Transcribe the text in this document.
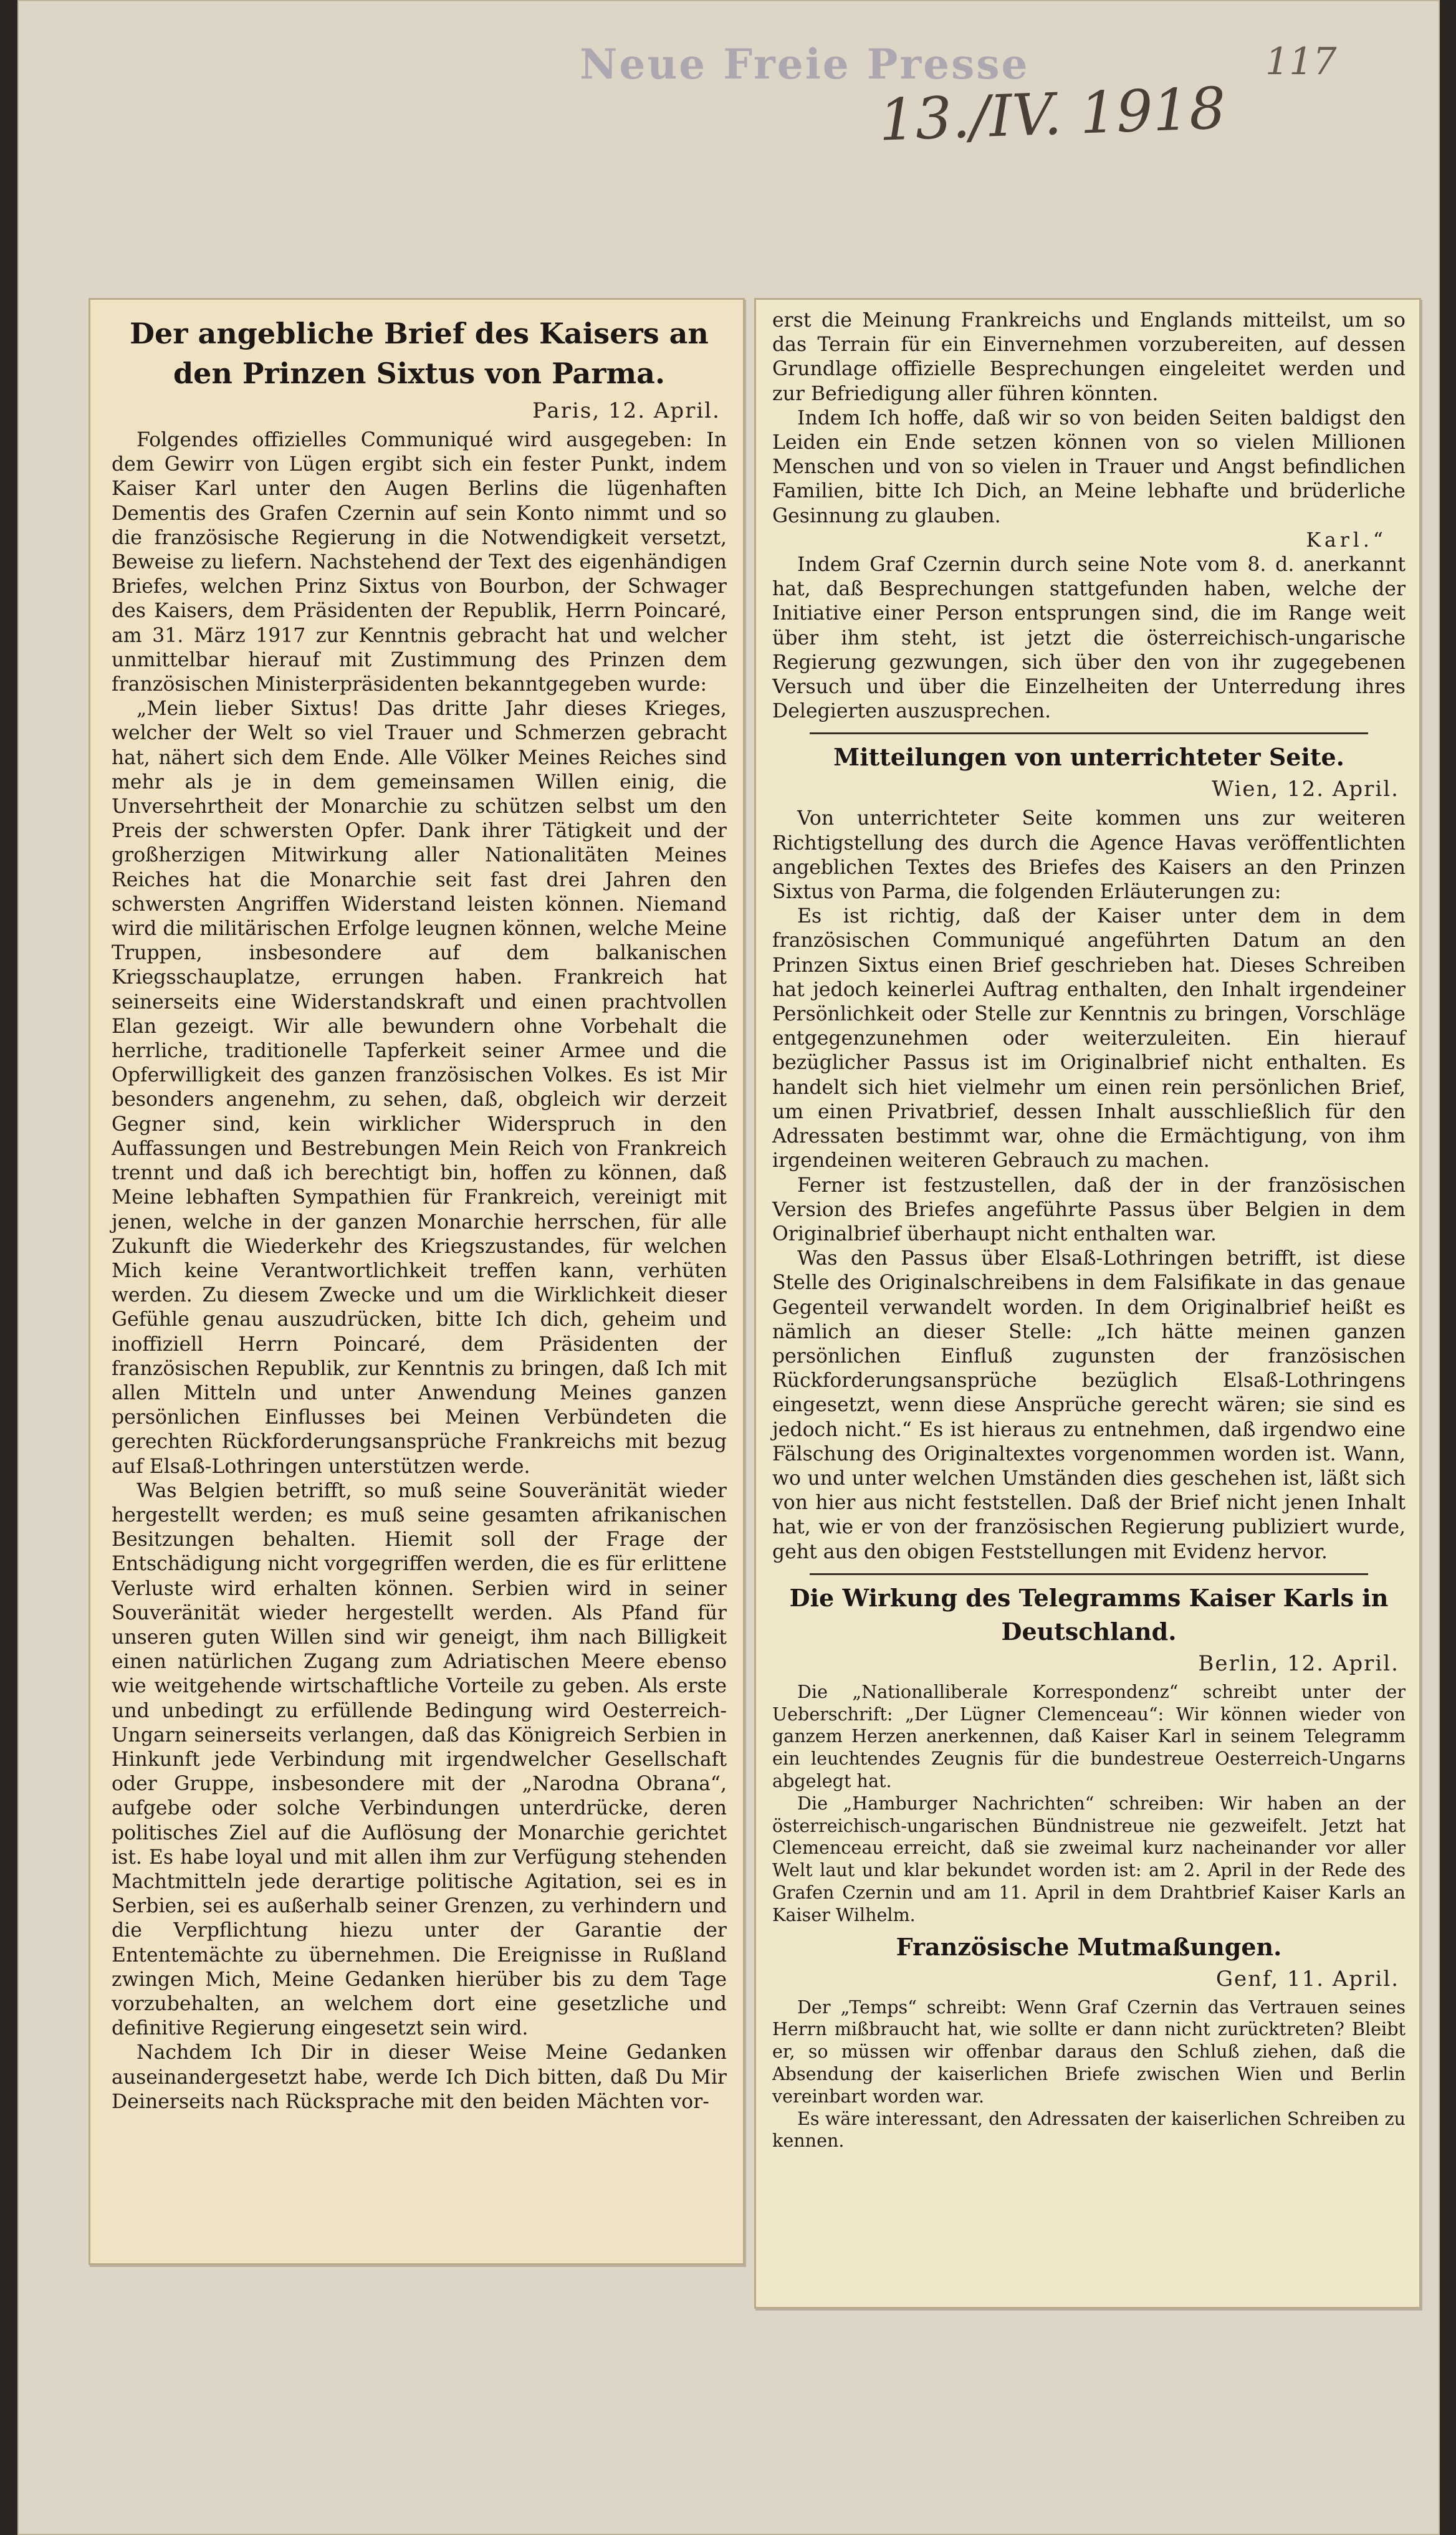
Neue Freie Presse
13./IV. 1918
117
Der angebliche Brief des Kaisers an den Prinzen Sixtus von Parma.
Paris, 12. April.

Folgendes offizielles Communiqué wird ausgegeben: In dem Gewirr von Lügen ergibt sich ein fester Punkt, indem Kaiser Karl unter den Augen Berlins die lügenhaften Dementis des Grafen Czernin auf sein Konto nimmt und so die französische Regierung in die Notwendigkeit versetzt, Beweise zu liefern. Nachstehend der Text des eigenhändigen Briefes, welchen Prinz Sixtus von Bourbon, der Schwager des Kaisers, dem Präsidenten der Republik, Herrn Poincaré, am 31. März 1917 zur Kenntnis gebracht hat und welcher unmittelbar hierauf mit Zustimmung des Prinzen dem französischen Ministerpräsidenten bekanntgegeben wurde:

„Mein lieber Sixtus! Das dritte Jahr dieses Krieges, welcher der Welt so viel Trauer und Schmerzen gebracht hat, nähert sich dem Ende. Alle Völker Meines Reiches sind mehr als je in dem gemeinsamen Willen einig, die Unversehrtheit der Monarchie zu schützen selbst um den Preis der schwersten Opfer. Dank ihrer Tätigkeit und der großherzigen Mitwirkung aller Nationalitäten Meines Reiches hat die Monarchie seit fast drei Jahren den schwersten Angriffen Widerstand leisten können. Niemand wird die militärischen Erfolge leugnen können, welche Meine Truppen, insbesondere auf dem balkanischen Kriegsschauplatze, errungen haben. Frankreich hat seinerseits eine Widerstandskraft und einen prachtvollen Elan gezeigt. Wir alle bewundern ohne Vorbehalt die herrliche, traditionelle Tapferkeit seiner Armee und die Opferwilligkeit des ganzen französischen Volkes. Es ist Mir besonders angenehm, zu sehen, daß, obgleich wir derzeit Gegner sind, kein wirklicher Widerspruch in den Auffassungen und Bestrebungen Mein Reich von Frankreich trennt und daß ich berechtigt bin, hoffen zu können, daß Meine lebhaften Sympathien für Frankreich, vereinigt mit jenen, welche in der ganzen Monarchie herrschen, für alle Zukunft die Wiederkehr des Kriegszustandes, für welchen Mich keine Verantwortlichkeit treffen kann, verhüten werden. Zu diesem Zwecke und um die Wirklichkeit dieser Gefühle genau auszudrücken, bitte Ich dich, geheim und inoffiziell Herrn Poincaré, dem Präsidenten der französischen Republik, zur Kenntnis zu bringen, daß Ich mit allen Mitteln und unter Anwendung Meines ganzen persönlichen Einflusses bei Meinen Verbündeten die gerechten Rückforderungsansprüche Frankreichs mit bezug auf Elsaß-Lothringen unterstützen werde.

Was Belgien betrifft, so muß seine Souveränität wieder hergestellt werden; es muß seine gesamten afrikanischen Besitzungen behalten. Hiemit soll der Frage der Entschädigung nicht vorgegriffen werden, die es für erlittene Verluste wird erhalten können. Serbien wird in seiner Souveränität wieder hergestellt werden. Als Pfand für unseren guten Willen sind wir geneigt, ihm nach Billigkeit einen natürlichen Zugang zum Adriatischen Meere ebenso wie weitgehende wirtschaftliche Vorteile zu geben. Als erste und unbedingt zu erfüllende Bedingung wird Oesterreich-Ungarn seinerseits verlangen, daß das Königreich Serbien in Hinkunft jede Verbindung mit irgendwelcher Gesellschaft oder Gruppe, insbesondere mit der „Narodna Obrana“, aufgebe oder solche Verbindungen unterdrücke, deren politisches Ziel auf die Auflösung der Monarchie gerichtet ist. Es habe loyal und mit allen ihm zur Verfügung stehenden Machtmitteln jede derartige politische Agitation, sei es in Serbien, sei es außerhalb seiner Grenzen, zu verhindern und die Verpflichtung hiezu unter der Garantie der Ententemächte zu übernehmen. Die Ereignisse in Rußland zwingen Mich, Meine Gedanken hierüber bis zu dem Tage vorzubehalten, an welchem dort eine gesetzliche und definitive Regierung eingesetzt sein wird.

Nachdem Ich Dir in dieser Weise Meine Gedanken auseinandergesetzt habe, werde Ich Dich bitten, daß Du Mir Deinerseits nach Rücksprache mit den beiden Mächten vor-

erst die Meinung Frankreichs und Englands mitteilst, um so das Terrain für ein Einvernehmen vorzubereiten, auf dessen Grundlage offizielle Besprechungen eingeleitet werden und zur Befriedigung aller führen könnten.

Indem Ich hoffe, daß wir so von beiden Seiten baldigst den Leiden ein Ende setzen können von so vielen Millionen Menschen und von so vielen in Trauer und Angst befindlichen Familien, bitte Ich Dich, an Meine lebhafte und brüderliche Gesinnung zu glauben.

Karl.“

Indem Graf Czernin durch seine Note vom 8. d. anerkannt hat, daß Besprechungen stattgefunden haben, welche der Initiative einer Person entsprungen sind, die im Range weit über ihm steht, ist jetzt die österreichisch-ungarische Regierung gezwungen, sich über den von ihr zugegebenen Versuch und über die Einzelheiten der Unterredung ihres Delegierten auszusprechen.

Mitteilungen von unterrichteter Seite.
Wien, 12. April.

Von unterrichteter Seite kommen uns zur weiteren Richtigstellung des durch die Agence Havas veröffentlichten angeblichen Textes des Briefes des Kaisers an den Prinzen Sixtus von Parma, die folgenden Erläuterungen zu:

Es ist richtig, daß der Kaiser unter dem in dem französischen Communiqué angeführten Datum an den Prinzen Sixtus einen Brief geschrieben hat. Dieses Schreiben hat jedoch keinerlei Auftrag enthalten, den Inhalt irgendeiner Persönlichkeit oder Stelle zur Kenntnis zu bringen, Vorschläge entgegenzunehmen oder weiterzuleiten. Ein hierauf bezüglicher Passus ist im Originalbrief nicht enthalten. Es handelt sich hiet vielmehr um einen rein persönlichen Brief, um einen Privatbrief, dessen Inhalt ausschließlich für den Adressaten bestimmt war, ohne die Ermächtigung, von ihm irgendeinen weiteren Gebrauch zu machen.

Ferner ist festzustellen, daß der in der französischen Version des Briefes angeführte Passus über Belgien in dem Originalbrief überhaupt nicht enthalten war.

Was den Passus über Elsaß-Lothringen betrifft, ist diese Stelle des Originalschreibens in dem Falsifikate in das genaue Gegenteil verwandelt worden. In dem Originalbrief heißt es nämlich an dieser Stelle: „Ich hätte meinen ganzen persönlichen Einfluß zugunsten der französischen Rückforderungsansprüche bezüglich Elsaß-Lothringens eingesetzt, wenn diese Ansprüche gerecht wären; sie sind es jedoch nicht.“ Es ist hieraus zu entnehmen, daß irgendwo eine Fälschung des Originaltextes vorgenommen worden ist. Wann, wo und unter welchen Umständen dies geschehen ist, läßt sich von hier aus nicht feststellen. Daß der Brief nicht jenen Inhalt hat, wie er von der französischen Regierung publiziert wurde, geht aus den obigen Feststellungen mit Evidenz hervor.

Die Wirkung des Telegramms Kaiser Karls in Deutschland.
Berlin, 12. April.

Die „Nationalliberale Korrespondenz“ schreibt unter der Ueberschrift: „Der Lügner Clemenceau“: Wir können wieder von ganzem Herzen anerkennen, daß Kaiser Karl in seinem Telegramm ein leuchtendes Zeugnis für die bundestreue Oesterreich-Ungarns abgelegt hat.

Die „Hamburger Nachrichten“ schreiben: Wir haben an der österreichisch-ungarischen Bündnistreue nie gezweifelt. Jetzt hat Clemenceau erreicht, daß sie zweimal kurz nacheinander vor aller Welt laut und klar bekundet worden ist: am 2. April in der Rede des Grafen Czernin und am 11. April in dem Drahtbrief Kaiser Karls an Kaiser Wilhelm.

Französische Mutmaßungen.
Genf, 11. April.

Der „Temps“ schreibt: Wenn Graf Czernin das Vertrauen seines Herrn mißbraucht hat, wie sollte er dann nicht zurücktreten? Bleibt er, so müssen wir offenbar daraus den Schluß ziehen, daß die Absendung der kaiserlichen Briefe zwischen Wien und Berlin vereinbart worden war.

Es wäre interessant, den Adressaten der kaiserlichen Schreiben zu kennen.
